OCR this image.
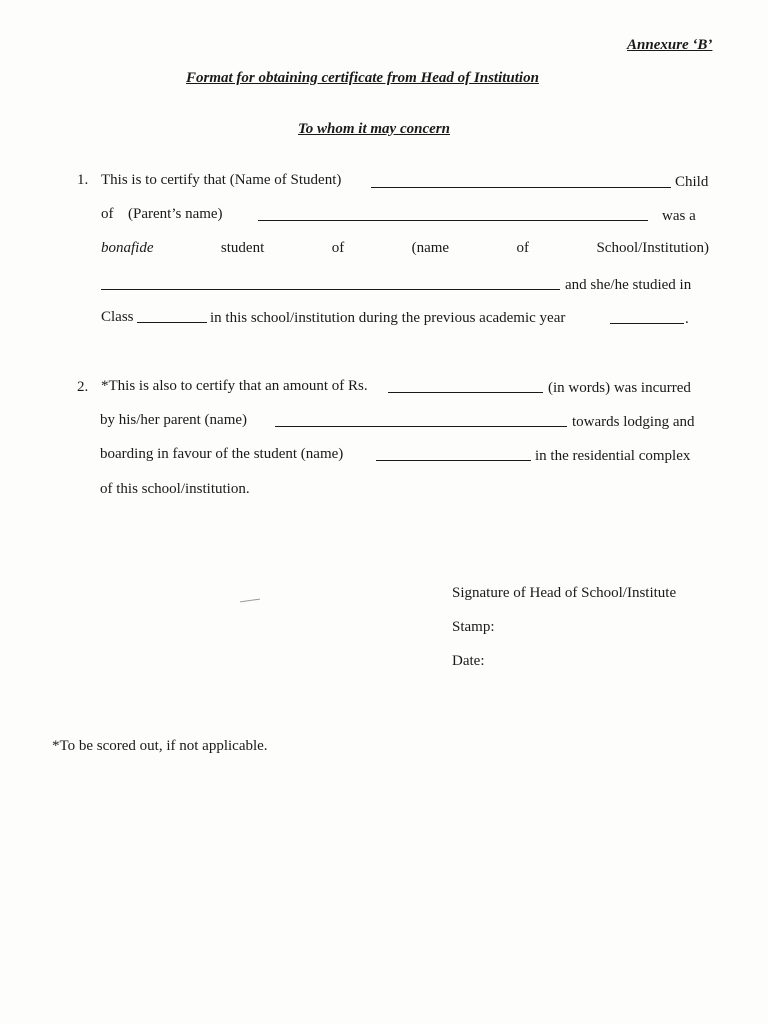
Annexure ‘B’
Format for obtaining certificate from Head of Institution
To whom it may concern
1. This is to certify that (Name of Student)	Child
of (Parent’s name)	was a
bonafide	student	of	(name	of	School/Institution)
and she/he studied in
Class	in this school/institution during the previous academic year	.
2. *This is also to certify that an amount of Rs.	(in words) was incurred
by his/her parent (name)	towards lodging and
boarding in favour of the student (name)	in the residential complex
of this school/institution.
Signature of Head of School/Institute
Stamp:
Date:
*To be scored out, if not applicable.
